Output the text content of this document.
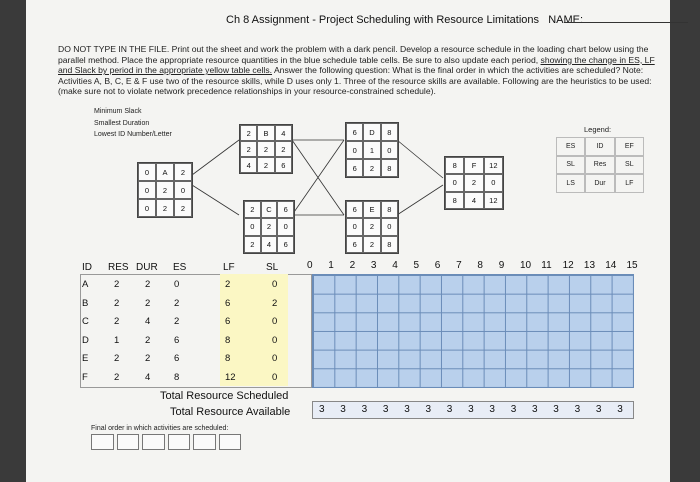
Ch 8 Assignment - Project Scheduling with Resource Limitations NAME:
DO NOT TYPE IN THE FILE. Print out the sheet and work the problem with a dark pencil. Develop a resource schedule in the loading chart below using the parallel method. Place the appropriate resource quantities in the blue schedule table cells. Be sure to also update each period, showing the change in ES, LF and Slack by period in the appropriate yellow table cells. Answer the following question: What is the final order in which the activities are scheduled? Note: Activities A, B, C, E & F use two of the resource skills, while D uses only 1. Three of the resource skills are available. Following are the heuristics to be used: (make sure not to violate network precedence relationships in your resource-constrained schedule).
Minimum Slack
Smallest Duration
Lowest ID Number/Letter	2	B	4
2	2	2
4	2	6
0	A	2
0	2	0
0	2	2	2	C	6
0	2	0
2	4	6
6	D	8
0	1	0
6	2	8
6	E	8
0	2	0
6	2	8
8	F	12
0	2	0
8	4	12
Legend:
ES	ID	EF
SL	Res	SL
LS	Dur	LF
ID RES DUR ES	LF	SL	0 1 2 3 4 5 6 7 8 9 10 11 12 13 14 15
A	2	2 0	2	0
B	2	2 2	6	2
C	2	4 2	6	0
D	1	2 6	8	0
E	2	2 6	8	0
F	2	4 8	12	0
Total Resource Scheduled
Total Resource Available	3 3 3 3 3 3 3 3 3 3 3 3 3 3 3
Final order in which activities are scheduled:
